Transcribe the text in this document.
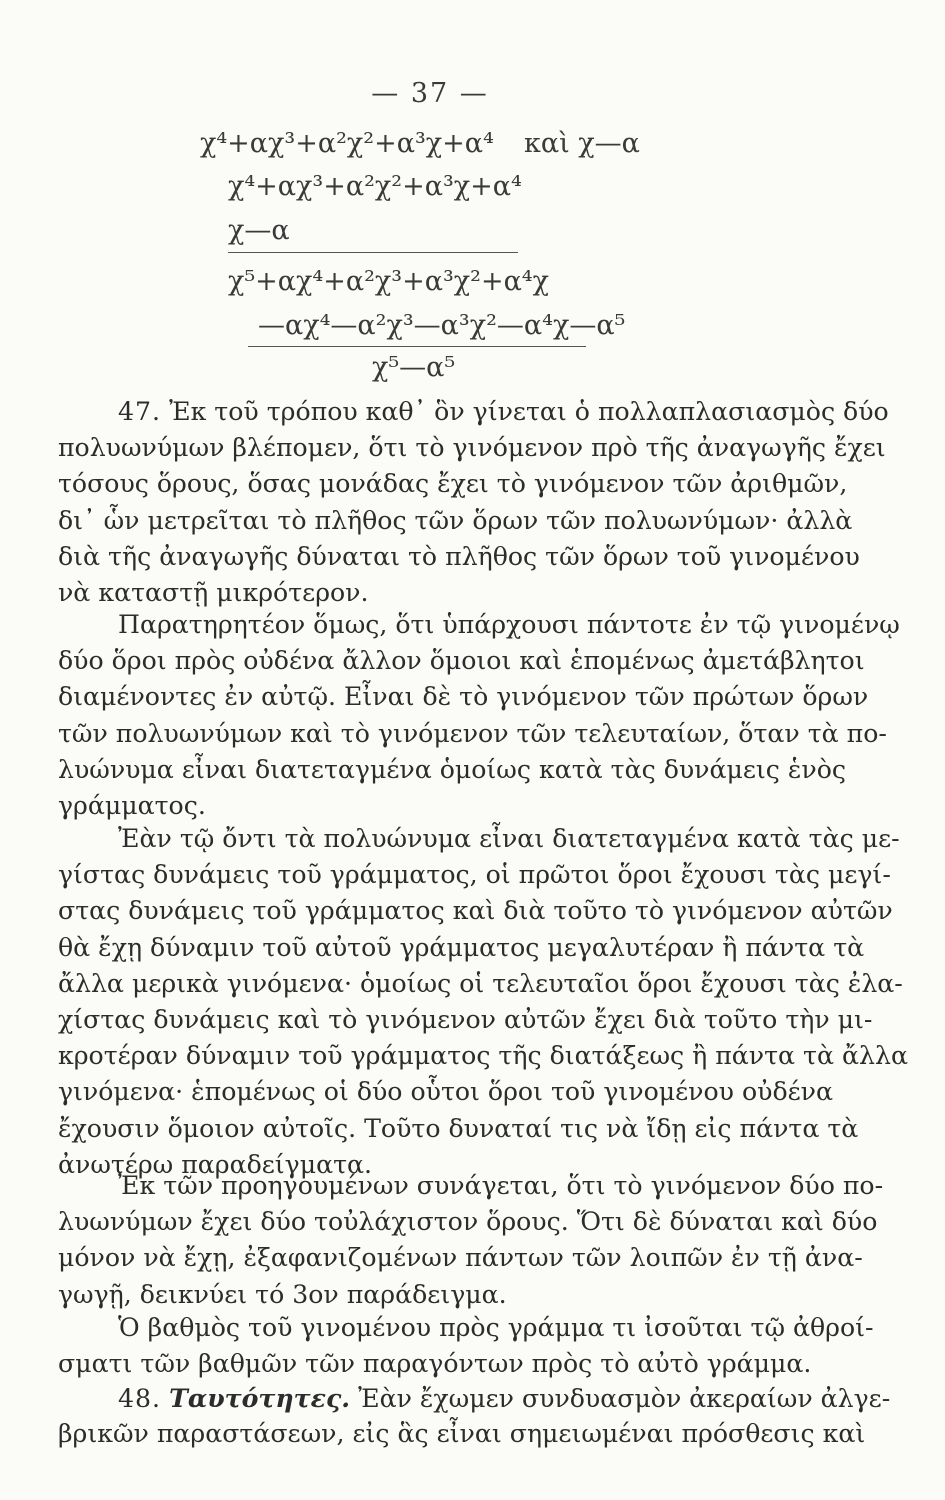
— 37 —
χ⁴+αχ³+α²χ²+α³χ+α⁴ καὶ χ—α
χ⁴+αχ³+α²χ²+α³χ+α⁴
χ—α
χ⁵+αχ⁴+α²χ³+α³χ²+α⁴χ
—αχ⁴—α²χ³—α³χ²—α⁴χ—α⁵
χ⁵—α⁵
47. Ἐκ τοῦ τρόπου καθ᾿ ὃν γίνεται ὁ πολλαπλασιασμὸς δύο
πολυωνύμων βλέπομεν, ὅτι τὸ γινόμενον πρὸ τῆς ἀναγωγῆς ἔχει
τόσους ὅρους, ὅσας μονάδας ἔχει τὸ γινόμενον τῶν ἀριθμῶν,
δι᾿ ὧν μετρεῖται τὸ πλῆθος τῶν ὅρων τῶν πολυωνύμων· ἀλλὰ
διὰ τῆς ἀναγωγῆς δύναται τὸ πλῆθος τῶν ὅρων τοῦ γινομένου
νὰ καταστῇ μικρότερον.
Παρατηρητέον ὅμως, ὅτι ὑπάρχουσι πάντοτε ἐν τῷ γινομένῳ
δύο ὅροι πρὸς οὐδένα ἄλλον ὅμοιοι καὶ ἑπομένως ἀμετάβλητοι
διαμένοντες ἐν αὐτῷ. Εἶναι δὲ τὸ γινόμενον τῶν πρώτων ὅρων
τῶν πολυωνύμων καὶ τὸ γινόμενον τῶν τελευταίων, ὅταν τὰ πο-
λυώνυμα εἶναι διατεταγμένα ὁμοίως κατὰ τὰς δυνάμεις ἑνὸς
γράμματος.
Ἐὰν τῷ ὄντι τὰ πολυώνυμα εἶναι διατεταγμένα κατὰ τὰς με-
γίστας δυνάμεις τοῦ γράμματος, οἱ πρῶτοι ὅροι ἔχουσι τὰς μεγί-
στας δυνάμεις τοῦ γράμματος καὶ διὰ τοῦτο τὸ γινόμενον αὐτῶν
θὰ ἔχῃ δύναμιν τοῦ αὐτοῦ γράμματος μεγαλυτέραν ἢ πάντα τὰ
ἄλλα μερικὰ γινόμενα· ὁμοίως οἱ τελευταῖοι ὅροι ἔχουσι τὰς ἐλα-
χίστας δυνάμεις καὶ τὸ γινόμενον αὐτῶν ἔχει διὰ τοῦτο τὴν μι-
κροτέραν δύναμιν τοῦ γράμματος τῆς διατάξεως ἢ πάντα τὰ ἄλλα
γινόμενα· ἑπομένως οἱ δύο οὗτοι ὅροι τοῦ γινομένου οὐδένα
ἔχουσιν ὅμοιον αὐτοῖς. Τοῦτο δυναταί τις νὰ ἴδῃ εἰς πάντα τὰ
ἀνωτέρω παραδείγματα.
Ἐκ τῶν προηγουμένων συνάγεται, ὅτι τὸ γινόμενον δύο πο-
λυωνύμων ἔχει δύο τοὐλάχιστον ὅρους. Ὅτι δὲ δύναται καὶ δύο
μόνον νὰ ἔχῃ, ἐξαφανιζομένων πάντων τῶν λοιπῶν ἐν τῇ ἀνα-
γωγῇ, δεικνύει τό 3ον παράδειγμα.
Ὁ βαθμὸς τοῦ γινομένου πρὸς γράμμα τι ἰσοῦται τῷ ἀθροί-
σματι τῶν βαθμῶν τῶν παραγόντων πρὸς τὸ αὐτὸ γράμμα.
48. Ταυτότητες. Ἐὰν ἔχωμεν συνδυασμὸν ἀκεραίων ἀλγε-
βρικῶν παραστάσεων, εἰς ἃς εἶναι σημειωμέναι πρόσθεσις καὶ
